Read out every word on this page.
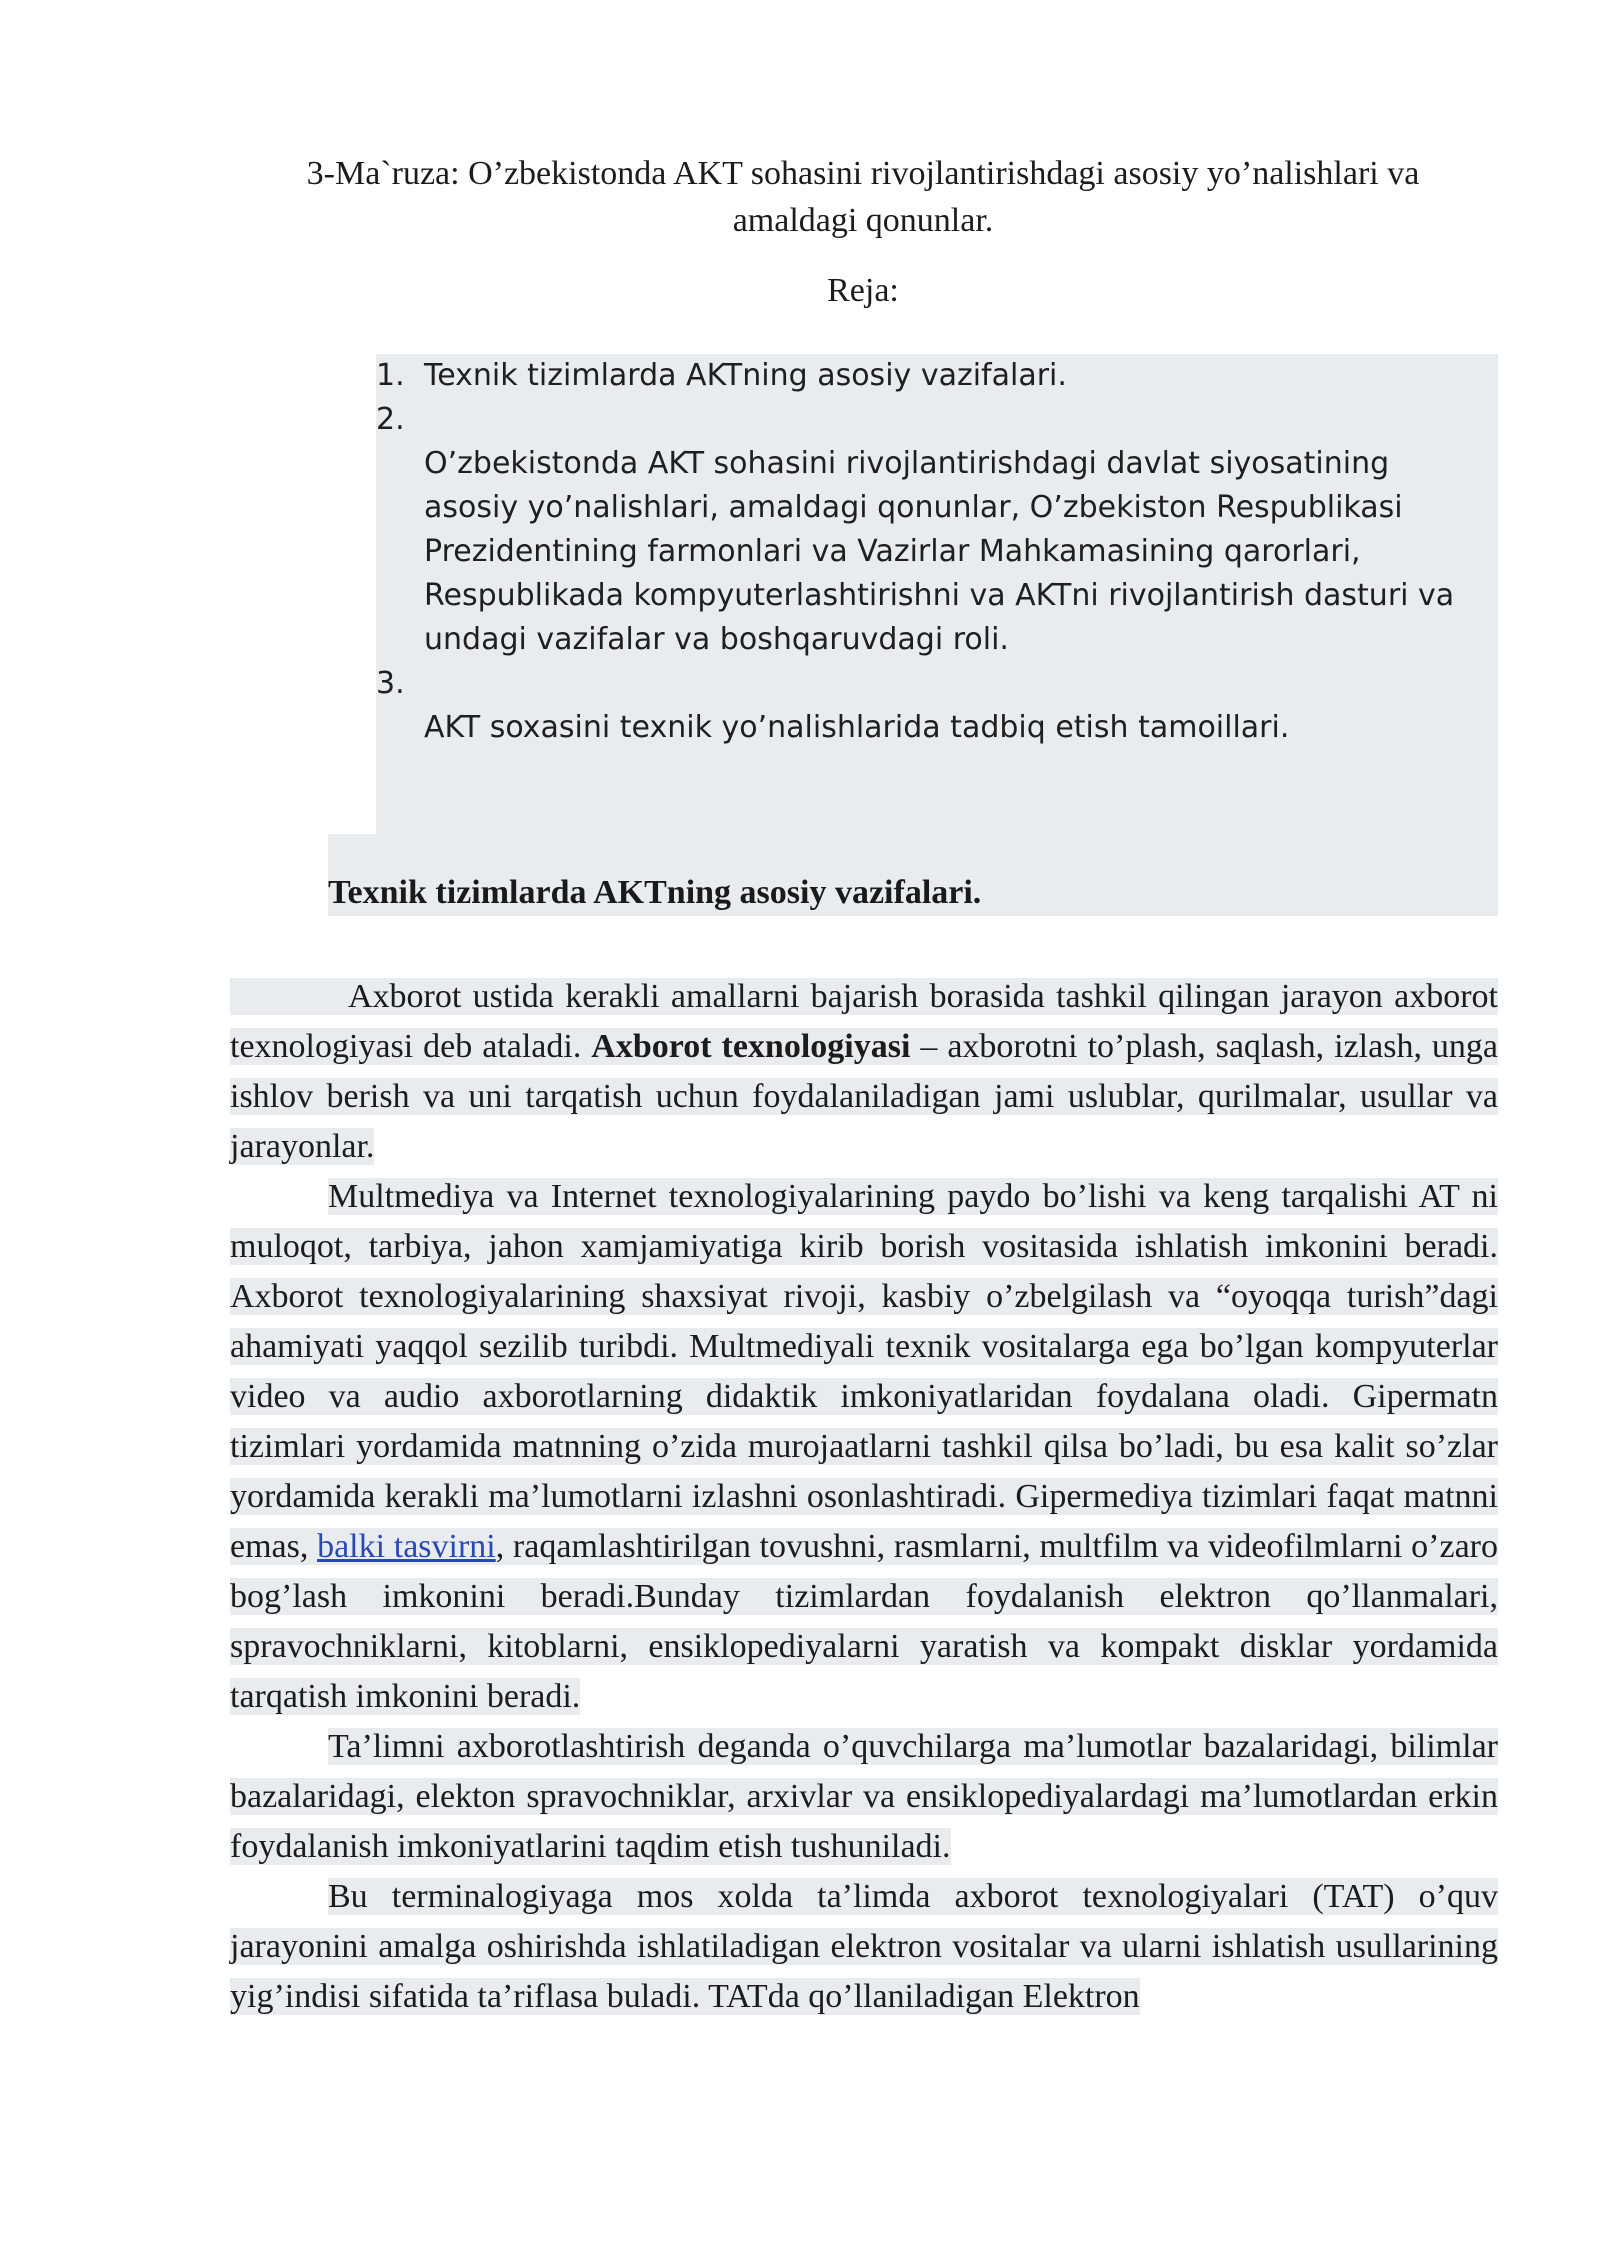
3-Ma`ruza: O’zbekistonda AKT sohasini rivojlantirishdagi asosiy yo’nalishlari va
amaldagi qonunlar.
Reja:
1. Texnik tizimlarda AKTning asosiy vazifalari.
2.
O’zbekistonda AKT sohasini rivojlantirishdagi davlat siyosatining asosiy yo’nalishlari, amaldagi qonunlar, O’zbekiston Respublikasi Prezidentining farmonlari va Vazirlar Mahkamasining qarorlari, Respublikada kompyuterlashtirishni va AKTni rivojlantirish dasturi va undagi vazifalar va boshqaruvdagi roli.
3.
AKT soxasini texnik yo’nalishlarida tadbiq etish tamoillari.
Texnik tizimlarda AKTning asosiy vazifalari.

Axborot ustida kerakli amallarni bajarish borasida tashkil qilingan jarayon axborot texnologiyasi deb ataladi. Axborot texnologiyasi – axborotni to’plash, saqlash, izlash, unga ishlov berish va uni tarqatish uchun foydalaniladigan jami uslublar, qurilmalar, usullar va jarayonlar.

Multmediya va Internet texnologiyalarining paydo bo’lishi va keng tarqalishi AT ni muloqot, tarbiya, jahon xamjamiyatiga kirib borish vositasida ishlatish imkonini beradi. Axborot texnologiyalarining shaxsiyat rivoji, kasbiy o’zbelgilash va “oyoqqa turish”dagi ahamiyati yaqqol sezilib turibdi. Multmediyali texnik vositalarga ega bo’lgan kompyuterlar video va audio axborotlarning didaktik imkoniyatlaridan foydalana oladi. Gipermatn tizimlari yordamida matnning o’zida murojaatlarni tashkil qilsa bo’ladi, bu esa kalit so’zlar yordamida kerakli ma’lumotlarni izlashni osonlashtiradi. Gipermediya tizimlari faqat matnni emas, balki tasvirni, raqamlashtirilgan tovushni, rasmlarni, multfilm va videofilmlarni o’zaro bog’lash imkonini beradi.Bunday tizimlardan foydalanish elektron qo’llanmalari, spravochniklarni, kitoblarni, ensiklopediyalarni yaratish va kompakt disklar yordamida tarqatish imkonini beradi.

Ta’limni axborotlashtirish deganda o’quvchilarga ma’lumotlar bazalaridagi, bilimlar bazalaridagi, elekton spravochniklar, arxivlar va ensiklopediyalardagi ma’lumotlardan erkin foydalanish imkoniyatlarini taqdim etish tushuniladi.

Bu terminalogiyaga mos xolda ta’limda axborot texnologiyalari (TAT) o’quv jarayonini amalga oshirishda ishlatiladigan elektron vositalar va ularni ishlatish usullarining yig’indisi sifatida ta’riflasa buladi. TATda qo’llaniladigan Elektron
